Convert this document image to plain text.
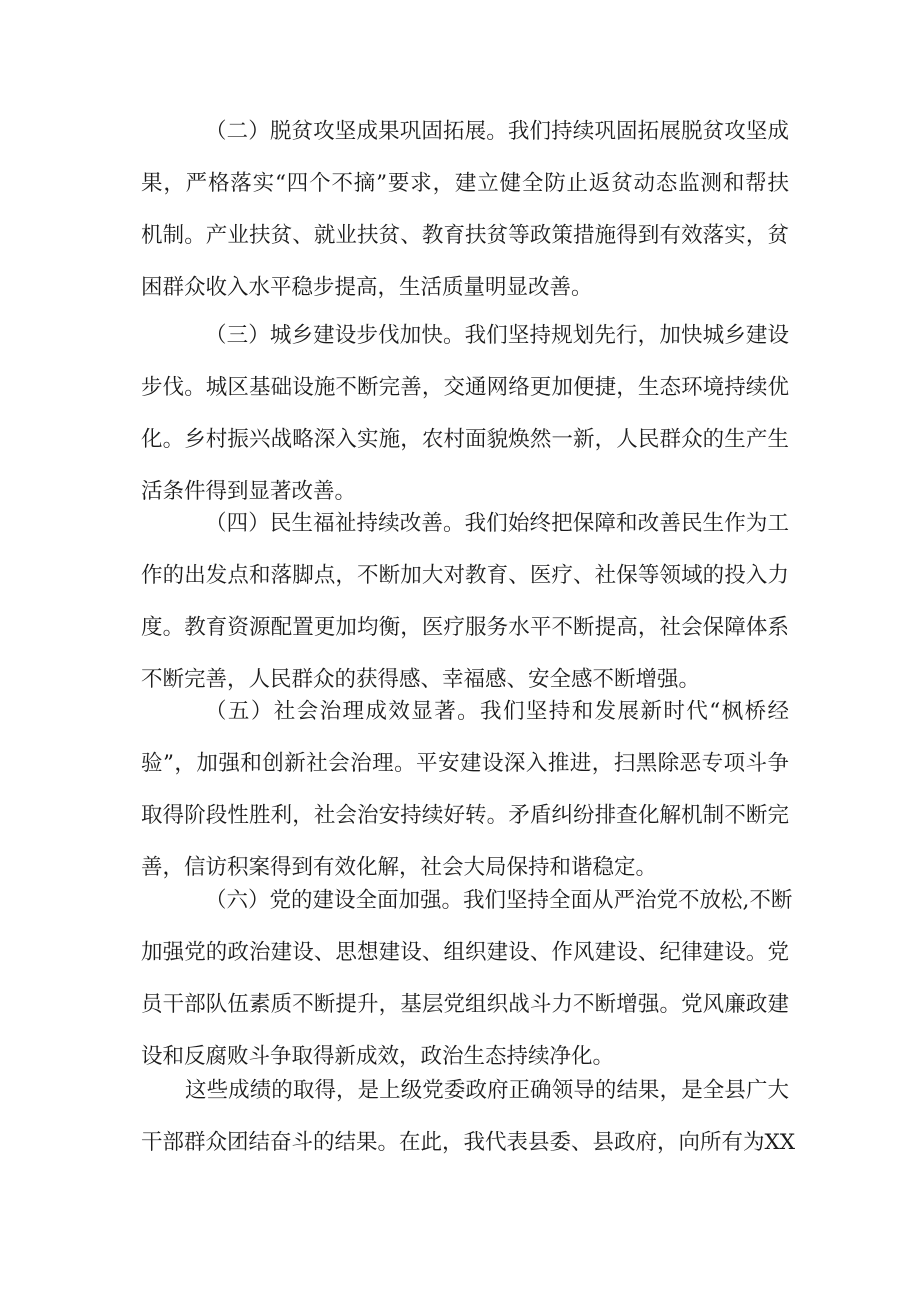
（二）脱贫攻坚成果巩固拓展。我们持续巩固拓展脱贫攻坚成
果，严格落实“四个不摘”要求，建立健全防止返贫动态监测和帮扶
机制。产业扶贫、就业扶贫、教育扶贫等政策措施得到有效落实，贫
困群众收入水平稳步提高，生活质量明显改善。
（三）城乡建设步伐加快。我们坚持规划先行，加快城乡建设
步伐。城区基础设施不断完善，交通网络更加便捷，生态环境持续优
化。乡村振兴战略深入实施，农村面貌焕然一新，人民群众的生产生
活条件得到显著改善。
（四）民生福祉持续改善。我们始终把保障和改善民生作为工
作的出发点和落脚点，不断加大对教育、医疗、社保等领域的投入力
度。教育资源配置更加均衡，医疗服务水平不断提高，社会保障体系
不断完善，人民群众的获得感、幸福感、安全感不断增强。
（五）社会治理成效显著。我们坚持和发展新时代“枫桥经
验”，加强和创新社会治理。平安建设深入推进，扫黑除恶专项斗争
取得阶段性胜利，社会治安持续好转。矛盾纠纷排查化解机制不断完
善，信访积案得到有效化解，社会大局保持和谐稳定。
（六）党的建设全面加强。我们坚持全面从严治党不放松,不断
加强党的政治建设、思想建设、组织建设、作风建设、纪律建设。党
员干部队伍素质不断提升，基层党组织战斗力不断增强。党风廉政建
设和反腐败斗争取得新成效，政治生态持续净化。
这些成绩的取得，是上级党委政府正确领导的结果，是全县广大
干部群众团结奋斗的结果。在此，我代表县委、县政府，向所有为XX
